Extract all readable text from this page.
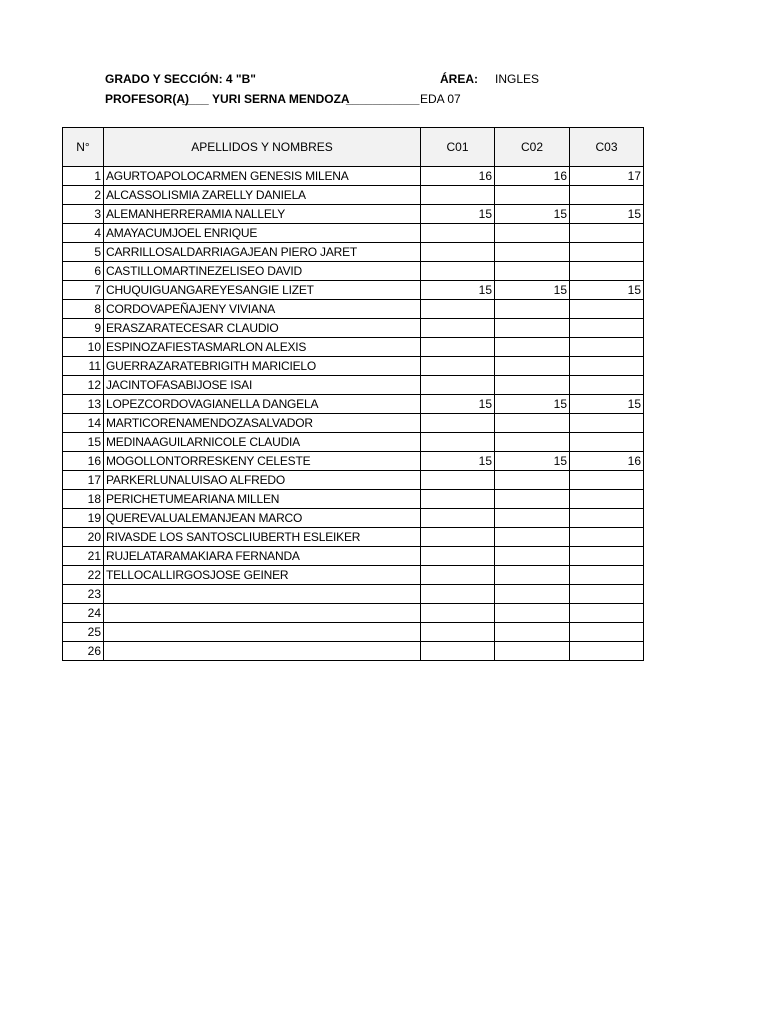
GRADO Y SECCIÓN: 4 "B"	ÁREA: INGLES
PROFESOR(A)
____ YURI SERNA MENDOZA
___________ EDA 07
N°	APELLIDOS Y NOMBRES	C01	C02	C03
1	AGURTOAPOLOCARMEN GENESIS MILENA	16	16	17
2	ALCASSOLISMIA ZARELLY DANIELA			
3	ALEMANHERRERAMIA NALLELY	15	15	15
4	AMAYACUMJOEL ENRIQUE			
5	CARRILLOSALDARRIAGAJEAN PIERO JARET			
6	CASTILLOMARTINEZELISEO DAVID			
7	CHUQUIGUANGAREYESANGIE LIZET	15	15	15
8	CORDOVAPEÑAJENY VIVIANA			
9	ERASZARATECESAR CLAUDIO			
10	ESPINOZAFIESTASMARLON ALEXIS			
11	GUERRAZARATEBRIGITH MARICIELO			
12	JACINTOFASABIJOSE ISAI			
13	LOPEZCORDOVAGIANELLA DANGELA	15	15	15
14	MARTICORENAMENDOZASALVADOR			
15	MEDINAAGUILARNICOLE CLAUDIA			
16	MOGOLLONTORRESKENY CELESTE	15	15	16
17	PARKERLUNALUISAO ALFREDO			
18	PERICHETUMEARIANA MILLEN			
19	QUEREVALUALEMANJEAN MARCO			
20	RIVASDE LOS SANTOSCLIUBERTH ESLEIKER			
21	RUJELATARAMAKIARA FERNANDA			
22	TELLOCALLIRGOSJOSE GEINER			
23				
24				
25				
26				
